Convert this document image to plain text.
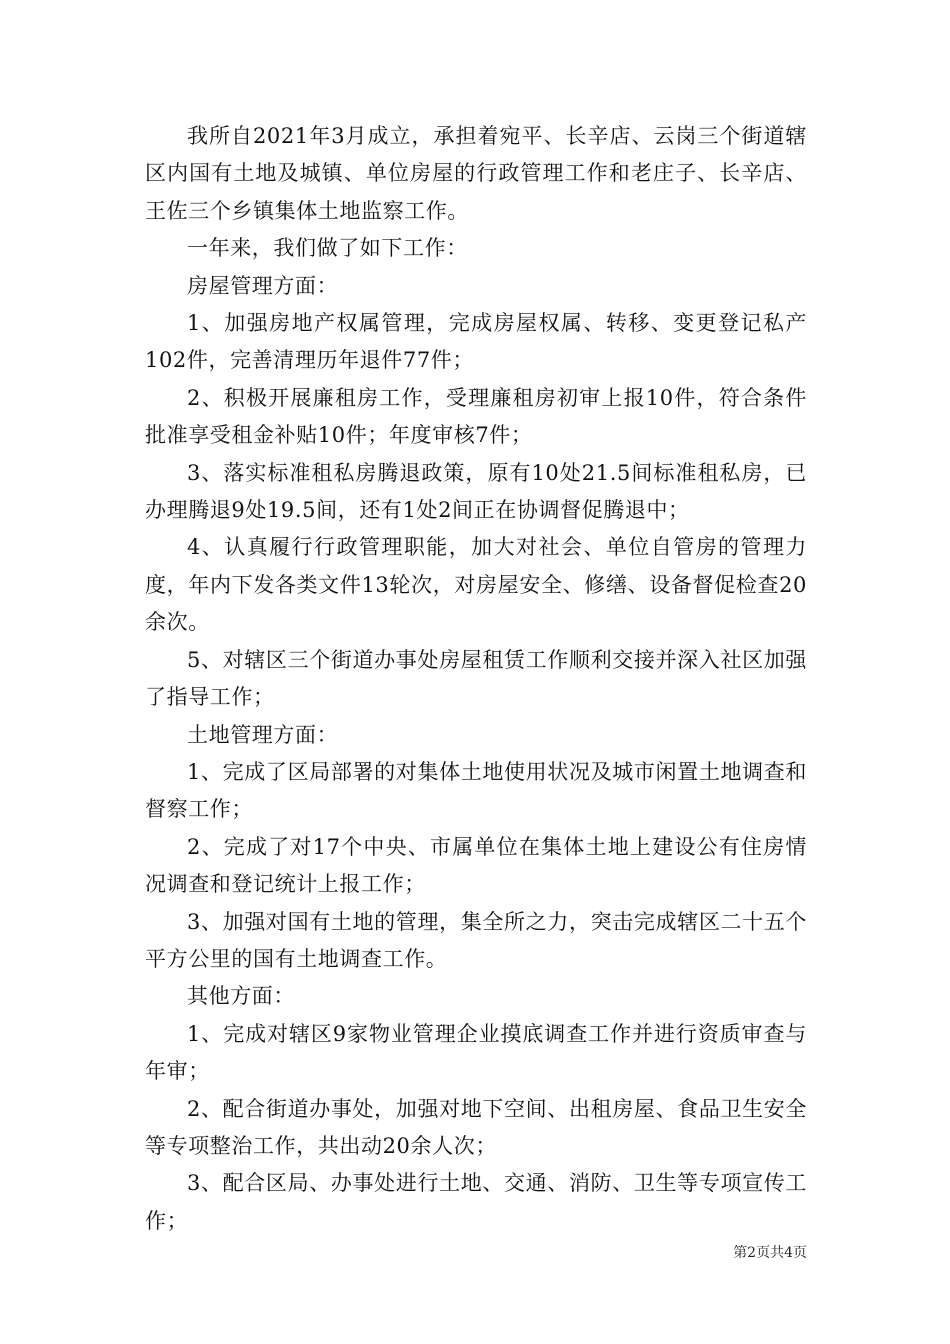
我所自2021年3月成立，承担着宛平、长辛店、云岗三个街道辖区内国有土地及城镇、单位房屋的行政管理工作和老庄子、长辛店、王佐三个乡镇集体土地监察工作。

一年来，我们做了如下工作：

房屋管理方面：

1、加强房地产权属管理，完成房屋权属、转移、变更登记私产102件，完善清理历年退件77件；

2、积极开展廉租房工作，受理廉租房初审上报10件，符合条件批准享受租金补贴10件；年度审核7件；

3、落实标准租私房腾退政策，原有10处21.5间标准租私房，已办理腾退9处19.5间，还有1处2间正在协调督促腾退中；

4、认真履行行政管理职能，加大对社会、单位自管房的管理力度，年内下发各类文件13轮次，对房屋安全、修缮、设备督促检查20余次。

5、对辖区三个街道办事处房屋租赁工作顺利交接并深入社区加强了指导工作；

土地管理方面：

1、完成了区局部署的对集体土地使用状况及城市闲置土地调查和督察工作；

2、完成了对17个中央、市属单位在集体土地上建设公有住房情况调查和登记统计上报工作；

3、加强对国有土地的管理，集全所之力，突击完成辖区二十五个平方公里的国有土地调查工作。

其他方面：

1、完成对辖区9家物业管理企业摸底调查工作并进行资质审查与年审；

2、配合街道办事处，加强对地下空间、出租房屋、食品卫生安全等专项整治工作，共出动20余人次；

3、配合区局、办事处进行土地、交通、消防、卫生等专项宣传工作；

第2页共4页
